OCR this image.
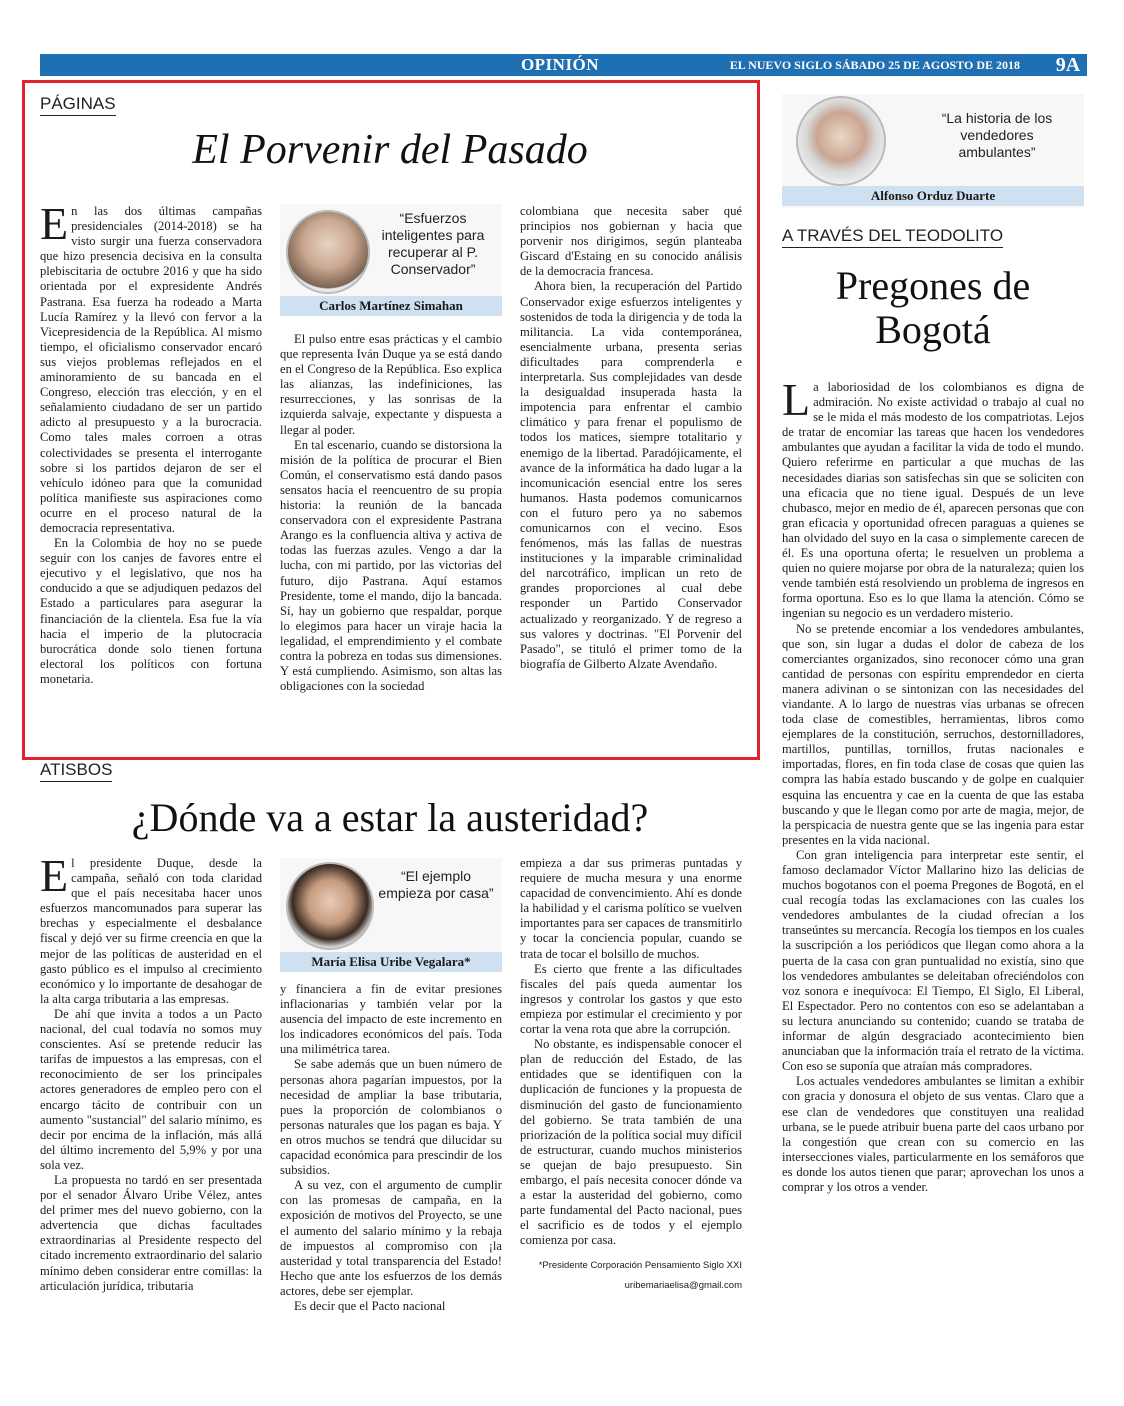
OPINIÓN	EL NUEVO SIGLO SÁBADO 25 DE AGOSTO DE 2018	9A
PÁGINAS
El Porvenir del Pasado

En las dos últimas campañas presidenciales (2014-2018) se ha visto surgir una fuerza conservadora que hizo presencia decisiva en la consulta plebiscitaria de octubre 2016 y que ha sido orientada por el expresidente Andrés Pastrana. Esa fuerza ha rodeado a Marta Lucía Ramírez y la llevó con fervor a la Vicepresidencia de la República. Al mismo tiempo, el oficialismo conservador encaró sus viejos problemas reflejados en el aminoramiento de su bancada en el Congreso, elección tras elección, y en el señalamiento ciudadano de ser un partido adicto al presupuesto y a la burocracia. Como tales males corroen a otras colectividades se presenta el interrogante sobre si los partidos dejaron de ser el vehículo idóneo para que la comunidad política manifieste sus aspiraciones como ocurre en el proceso natural de la democracia representativa.

En la Colombia de hoy no se puede seguir con los canjes de favores entre el ejecutivo y el legislativo, que nos ha conducido a que se adjudiquen pedazos del Estado a particulares para asegurar la financiación de la clientela. Esa fue la vía hacia el imperio de la plutocracia burocrática donde solo tienen fortuna electoral los políticos con fortuna monetaria.

“Esfuerzos inteligentes para recuperar al P. Conservador”
Carlos Martínez Simahan

El pulso entre esas prácticas y el cambio que representa Iván Duque ya se está dando en el Congreso de la República. Eso explica las alianzas, las indefiniciones, las resurrecciones, y las sonrisas de la izquierda salvaje, expectante y dispuesta a llegar al poder.

En tal escenario, cuando se distorsiona la misión de la política de procurar el Bien Común, el conservatismo está dando pasos sensatos hacia el reencuentro de su propia historia: la reunión de la bancada conservadora con el expresidente Pastrana Arango es la confluencia altiva y activa de todas las fuerzas azules. Vengo a dar la lucha, con mi partido, por las victorias del futuro, dijo Pastrana. Aquí estamos Presidente, tome el mando, dijo la bancada. Sí, hay un gobierno que respaldar, porque lo elegimos para hacer un viraje hacia la legalidad, el emprendimiento y el combate contra la pobreza en todas sus dimensiones. Y está cumpliendo. Asimismo, son altas las obligaciones con la sociedad

colombiana que necesita saber qué principios nos gobiernan y hacia que porvenir nos dirigimos, según planteaba Giscard d'Estaing en su conocido análisis de la democracia francesa.

Ahora bien, la recuperación del Partido Conservador exige esfuerzos inteligentes y sostenidos de toda la dirigencia y de toda la militancia. La vida contemporánea, esencialmente urbana, presenta serias dificultades para comprenderla e interpretarla. Sus complejidades van desde la desigualdad insuperada hasta la impotencia para enfrentar el cambio climático y para frenar el populismo de todos los matices, siempre totalitario y enemigo de la libertad. Paradójicamente, el avance de la informática ha dado lugar a la incomunicación esencial entre los seres humanos. Hasta podemos comunicarnos con el futuro pero ya no sabemos comunicarnos con el vecino. Esos fenómenos, más las fallas de nuestras instituciones y la imparable criminalidad del narcotráfico, implican un reto de grandes proporciones al cual debe responder un Partido Conservador actualizado y reorganizado. Y de regreso a sus valores y doctrinas. "El Porvenir del Pasado", se tituló el primer tomo de la biografía de Gilberto Alzate Avendaño.

ATISBOS
¿Dónde va a estar la austeridad?

El presidente Duque, desde la campaña, señaló con toda claridad que el país necesitaba hacer unos esfuerzos mancomunados para superar las brechas y especialmente el desbalance fiscal y dejó ver su firme creencia en que la mejor de las políticas de austeridad en el gasto público es el impulso al crecimiento económico y lo importante de desahogar de la alta carga tributaria a las empresas.

De ahí que invita a todos a un Pacto nacional, del cual todavía no somos muy conscientes. Así se pretende reducir las tarifas de impuestos a las empresas, con el reconocimiento de ser los principales actores generadores de empleo pero con el encargo tácito de contribuir con un aumento "sustancial" del salario mínimo, es decir por encima de la inflación, más allá del último incremento del 5,9% y por una sola vez.

La propuesta no tardó en ser presentada por el senador Álvaro Uribe Vélez, antes del primer mes del nuevo gobierno, con la advertencia que dichas facultades extraordinarias al Presidente respecto del citado incremento extraordinario del salario mínimo deben considerar entre comillas: la articulación jurídica, tributaria

“El ejemplo empieza por casa”
María Elisa Uribe Vegalara*

y financiera a fin de evitar presiones inflacionarias y también velar por la ausencia del impacto de este incremento en los indicadores económicos del país. Toda una milimétrica tarea.

Se sabe además que un buen número de personas ahora pagarían impuestos, por la necesidad de ampliar la base tributaria, pues la proporción de colombianos o personas naturales que los pagan es baja. Y en otros muchos se tendrá que dilucidar su capacidad económica para prescindir de los subsidios.

A su vez, con el argumento de cumplir con las promesas de campaña, en la exposición de motivos del Proyecto, se une el aumento del salario mínimo y la rebaja de impuestos al compromiso con ¡la austeridad y total transparencia del Estado! Hecho que ante los esfuerzos de los demás actores, debe ser ejemplar.

Es decir que el Pacto nacional

empieza a dar sus primeras puntadas y requiere de mucha mesura y una enorme capacidad de convencimiento. Ahí es donde la habilidad y el carisma político se vuelven importantes para ser capaces de transmitirlo y tocar la conciencia popular, cuando se trata de tocar el bolsillo de muchos.

Es cierto que frente a las dificultades fiscales del país queda aumentar los ingresos y controlar los gastos y que esto empieza por estimular el crecimiento y por cortar la vena rota que abre la corrupción.

No obstante, es indispensable conocer el plan de reducción del Estado, de las entidades que se identifiquen con la duplicación de funciones y la propuesta de disminución del gasto de funcionamiento del gobierno. Se trata también de una priorización de la política social muy difícil de estructurar, cuando muchos ministerios se quejan de bajo presupuesto. Sin embargo, el país necesita conocer dónde va a estar la austeridad del gobierno, como parte fundamental del Pacto nacional, pues el sacrificio es de todos y el ejemplo comienza por casa.

*Presidente Corporación Pensamiento Siglo XXI
uribemariaelisa@gmail.com
“La historia de los vendedores ambulantes”
Alfonso Orduz Duarte
A TRAVÉS DEL TEODOLITO
Pregones de
Bogotá

La laboriosidad de los colombianos es digna de admiración. No existe actividad o trabajo al cual no se le mida el más modesto de los compatriotas. Lejos de tratar de encomiar las tareas que hacen los vendedores ambulantes que ayudan a facilitar la vida de todo el mundo. Quiero referirme en particular a que muchas de las necesidades diarias son satisfechas sin que se soliciten con una eficacia que no tiene igual. Después de un leve chubasco, mejor en medio de él, aparecen personas que con gran eficacia y oportunidad ofrecen paraguas a quienes se han olvidado del suyo en la casa o simplemente carecen de él. Es una oportuna oferta; le resuelven un problema a quien no quiere mojarse por obra de la naturaleza; quien los vende también está resolviendo un problema de ingresos en forma oportuna. Eso es lo que llama la atención. Cómo se ingenian su negocio es un verdadero misterio.

No se pretende encomiar a los vendedores ambulantes, que son, sin lugar a dudas el dolor de cabeza de los comerciantes organizados, sino reconocer cómo una gran cantidad de personas con espíritu emprendedor en cierta manera adivinan o se sintonizan con las necesidades del viandante. A lo largo de nuestras vías urbanas se ofrecen toda clase de comestibles, herramientas, libros como ejemplares de la constitución, serruchos, destornilladores, martillos, puntillas, tornillos, frutas nacionales e importadas, flores, en fin toda clase de cosas que quien las compra las había estado buscando y de golpe en cualquier esquina las encuentra y cae en la cuenta de que las estaba buscando y que le llegan como por arte de magia, mejor, de la perspicacia de nuestra gente que se las ingenia para estar presentes en la vida nacional.

Con gran inteligencia para interpretar este sentir, el famoso declamador Víctor Mallarino hizo las delicias de muchos bogotanos con el poema Pregones de Bogotá, en el cual recogía todas las exclamaciones con las cuales los vendedores ambulantes de la ciudad ofrecían a los transeúntes su mercancía. Recogía los tiempos en los cuales la suscripción a los periódicos que llegan como ahora a la puerta de la casa con gran puntualidad no existía, sino que los vendedores ambulantes se deleitaban ofreciéndolos con voz sonora e inequívoca: El Tiempo, El Siglo, El Liberal, El Espectador. Pero no contentos con eso se adelantaban a su lectura anunciando su contenido; cuando se trataba de informar de algún desgraciado acontecimiento bien anunciaban que la información traía el retrato de la víctima. Con eso se suponía que atraían más compradores.

Los actuales vendedores ambulantes se limitan a exhibir con gracia y donosura el objeto de sus ventas. Claro que a ese clan de vendedores que constituyen una realidad urbana, se le puede atribuir buena parte del caos urbano por la congestión que crean con su comercio en las intersecciones viales, particularmente en los semáforos que es donde los autos tienen que parar; aprovechan los unos a comprar y los otros a vender.
